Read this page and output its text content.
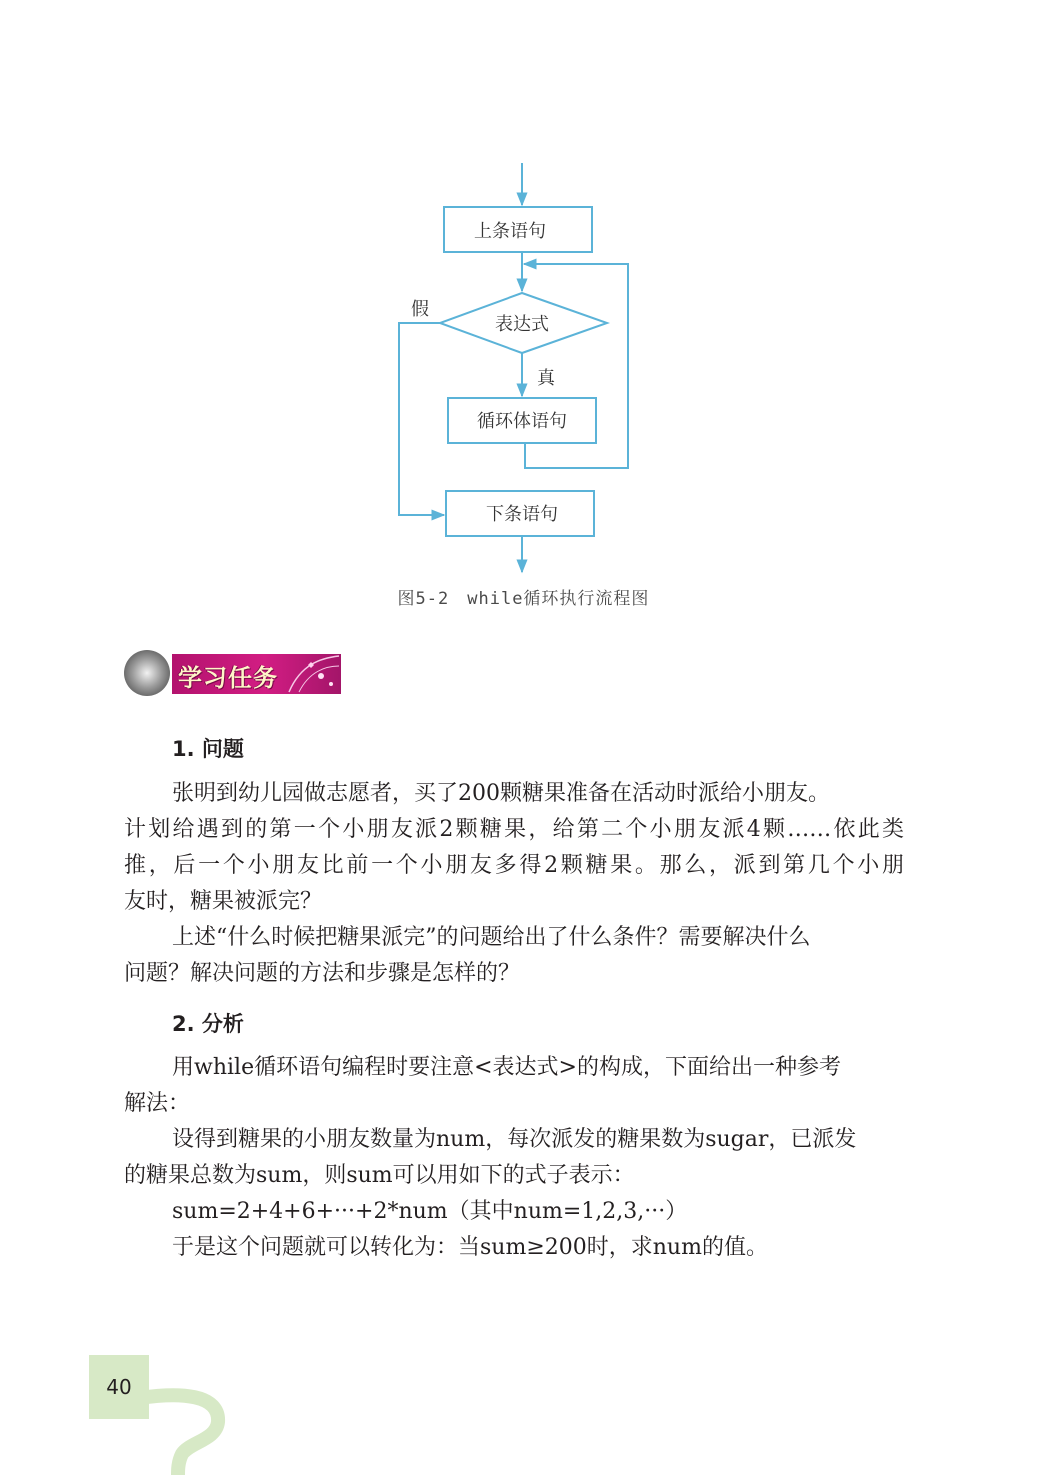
上条语句
表达式
真
假
循环体语句
下条语句
图5-2　while循环执行流程图
学习任务
1. 问题
张明到幼儿园做志愿者，买了200颗糖果准备在活动时派给小朋友。
计划给遇到的第一个小朋友派2颗糖果，给第二个小朋友派4颗……依此类
推，后一个小朋友比前一个小朋友多得2颗糖果。那么，派到第几个小朋
友时，糖果被派完？
上述“什么时候把糖果派完”的问题给出了什么条件？需要解决什么
问题？解决问题的方法和步骤是怎样的？
2. 分析
用while循环语句编程时要注意<表达式>的构成，下面给出一种参考
解法：
设得到糖果的小朋友数量为num，每次派发的糖果数为sugar，已派发
的糖果总数为sum，则sum可以用如下的式子表示：
sum=2+4+6+···+2*num（其中num=1,2,3,···）
于是这个问题就可以转化为：当sum≥200时，求num的值。
40
